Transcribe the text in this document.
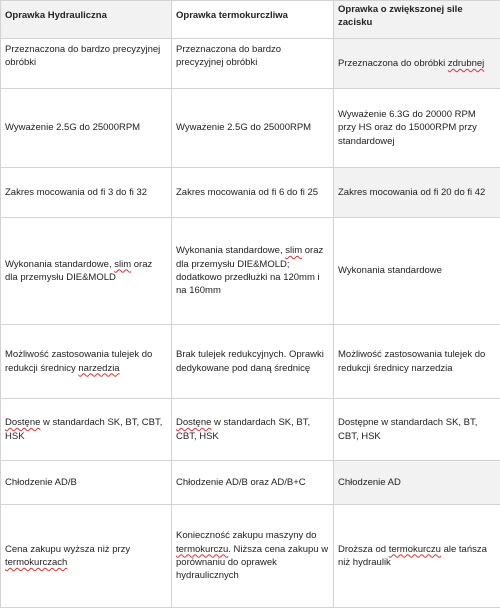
Oprawka Hydrauliczna	Oprawka termokurczliwa	Oprawka o zwiększonej sile zacisku
Przeznaczona do bardzo precyzyjnej obróbki	Przeznaczona do bardzo precyzyjnej obróbki	Przeznaczona do obróbki zdrubnej
Wyważenie 2.5G do 25000RPM	Wyważenie 2.5G do 25000RPM	Wyważenie 6.3G do 20000 RPM przy HS oraz do 15000RPM przy standardowej
Zakres mocowania od fi 3 do fi 32	Zakres mocowania od fi 6 do fi 25	Zakres mocowania od fi 20 do fi 42
Wykonania standardowe, slim oraz dla przemysłu DIE&MOLD	Wykonania standardowe, slim oraz dla przemysłu DIE&MOLD; dodatkowo przedłużki na 120mm i na 160mm	Wykonania standardowe
Możliwość zastosowania tulejek do redukcji średnicy narzedzia	Brak tulejek redukcyjnych. Oprawki dedykowane pod daną średnicę	Możliwość zastosowania tulejek do redukcji średnicy narzedzia
Dostęne w standardach SK, BT, CBT, HSK	Dostęne w standardach SK, BT, CBT, HSK	Dostępne w standardach SK, BT, CBT, HSK
Chłodzenie AD/B	Chłodzenie AD/B oraz AD/B+C	Chłodzenie AD
Cena zakupu wyższa niż przy termokurczach	Konieczność zakupu maszyny do termokurczu. Niższa cena zakupu w porównaniu do oprawek hydraulicznych	Droższa od termokurczu ale tańsza niż hydraulik
